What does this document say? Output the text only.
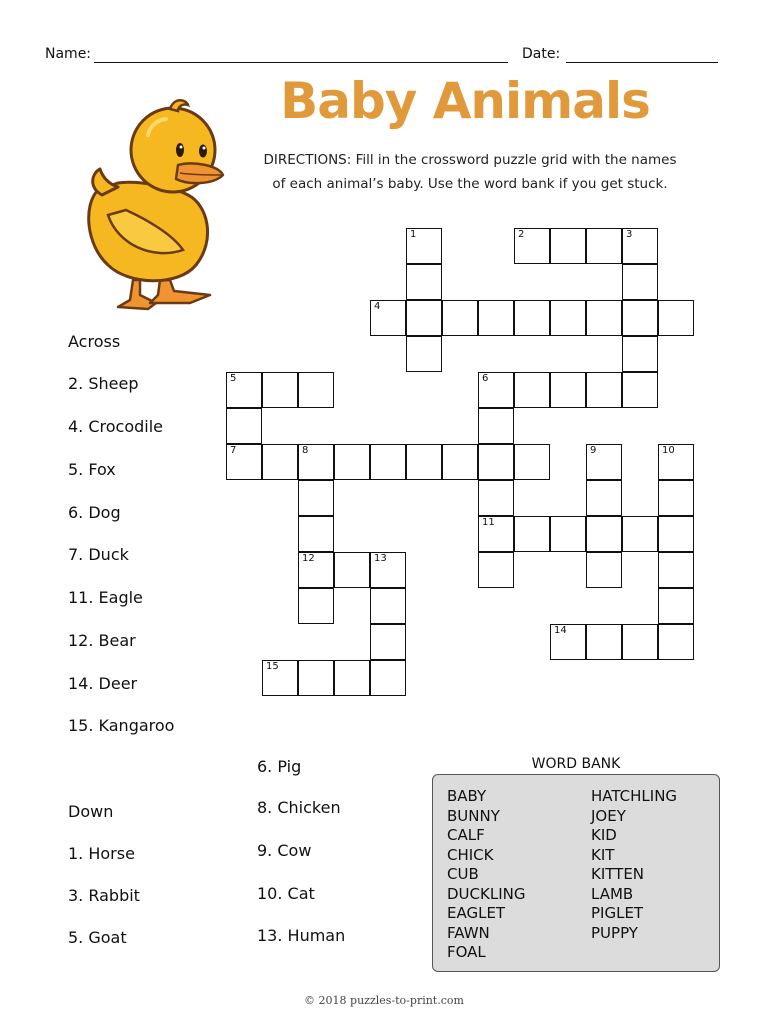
Name:	Date:
Baby Animals
DIRECTIONS: Fill in the crossword puzzle grid with the names
of each animal’s baby. Use the word bank if you get stuck.
Across
2. Sheep
4. Crocodile
5. Fox
6. Dog
7. Duck
11. Eagle
12. Bear
14. Deer
15. Kangaroo
Down
1. Horse
3. Rabbit
5. Goat
6. Pig
8. Chicken
9. Cow
10. Cat
13. Human
2	3
4
5	6
7	8
11
12	13
14
15
1
9	10
WORD BANK
BABY
BUNNY
CALF
CHICK
CUB
DUCKLING
EAGLET
FAWN
FOAL
HATCHLING
JOEY
KID
KIT
KITTEN
LAMB
PIGLET
PUPPY
© 2018 puzzles-to-print.com
